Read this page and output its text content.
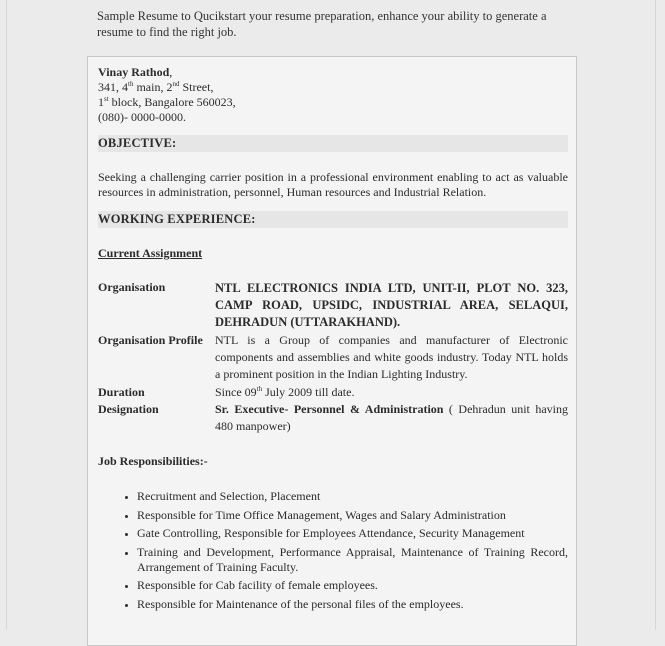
Sample Resume to Qucikstart your resume preparation, enhance your ability to generate a resume to find the right job.
Vinay Rathod,
341, 4th main, 2nd Street,
1st block, Bangalore 560023,
(080)- 0000-0000.
OBJECTIVE:
Seeking a challenging carrier position in a professional environment enabling to act as valuable resources in administration, personnel, Human resources and Industrial Relation.
WORKING EXPERIENCE:
Current Assignment
Organisation	NTL ELECTRONICS INDIA LTD, UNIT-II, PLOT NO. 323, CAMP ROAD, UPSIDC, INDUSTRIAL AREA, SELAQUI, DEHRADUN (UTTARAKHAND).
Organisation Profile	NTL is a Group of companies and manufacturer of Electronic components and assemblies and white goods industry. Today NTL holds a prominent position in the Indian Lighting Industry.
Duration	Since 09th July 2009 till date.
Designation	Sr. Executive- Personnel & Administration ( Dehradun unit having 480 manpower)
Job Responsibilities:-
• Recruitment and Selection, Placement
• Responsible for Time Office Management, Wages and Salary Administration
• Gate Controlling, Responsible for Employees Attendance, Security Management
• Training and Development, Performance Appraisal, Maintenance of Training Record, Arrangement of Training Faculty.
• Responsible for Cab facility of female employees.
• Responsible for Maintenance of the personal files of the employees.
